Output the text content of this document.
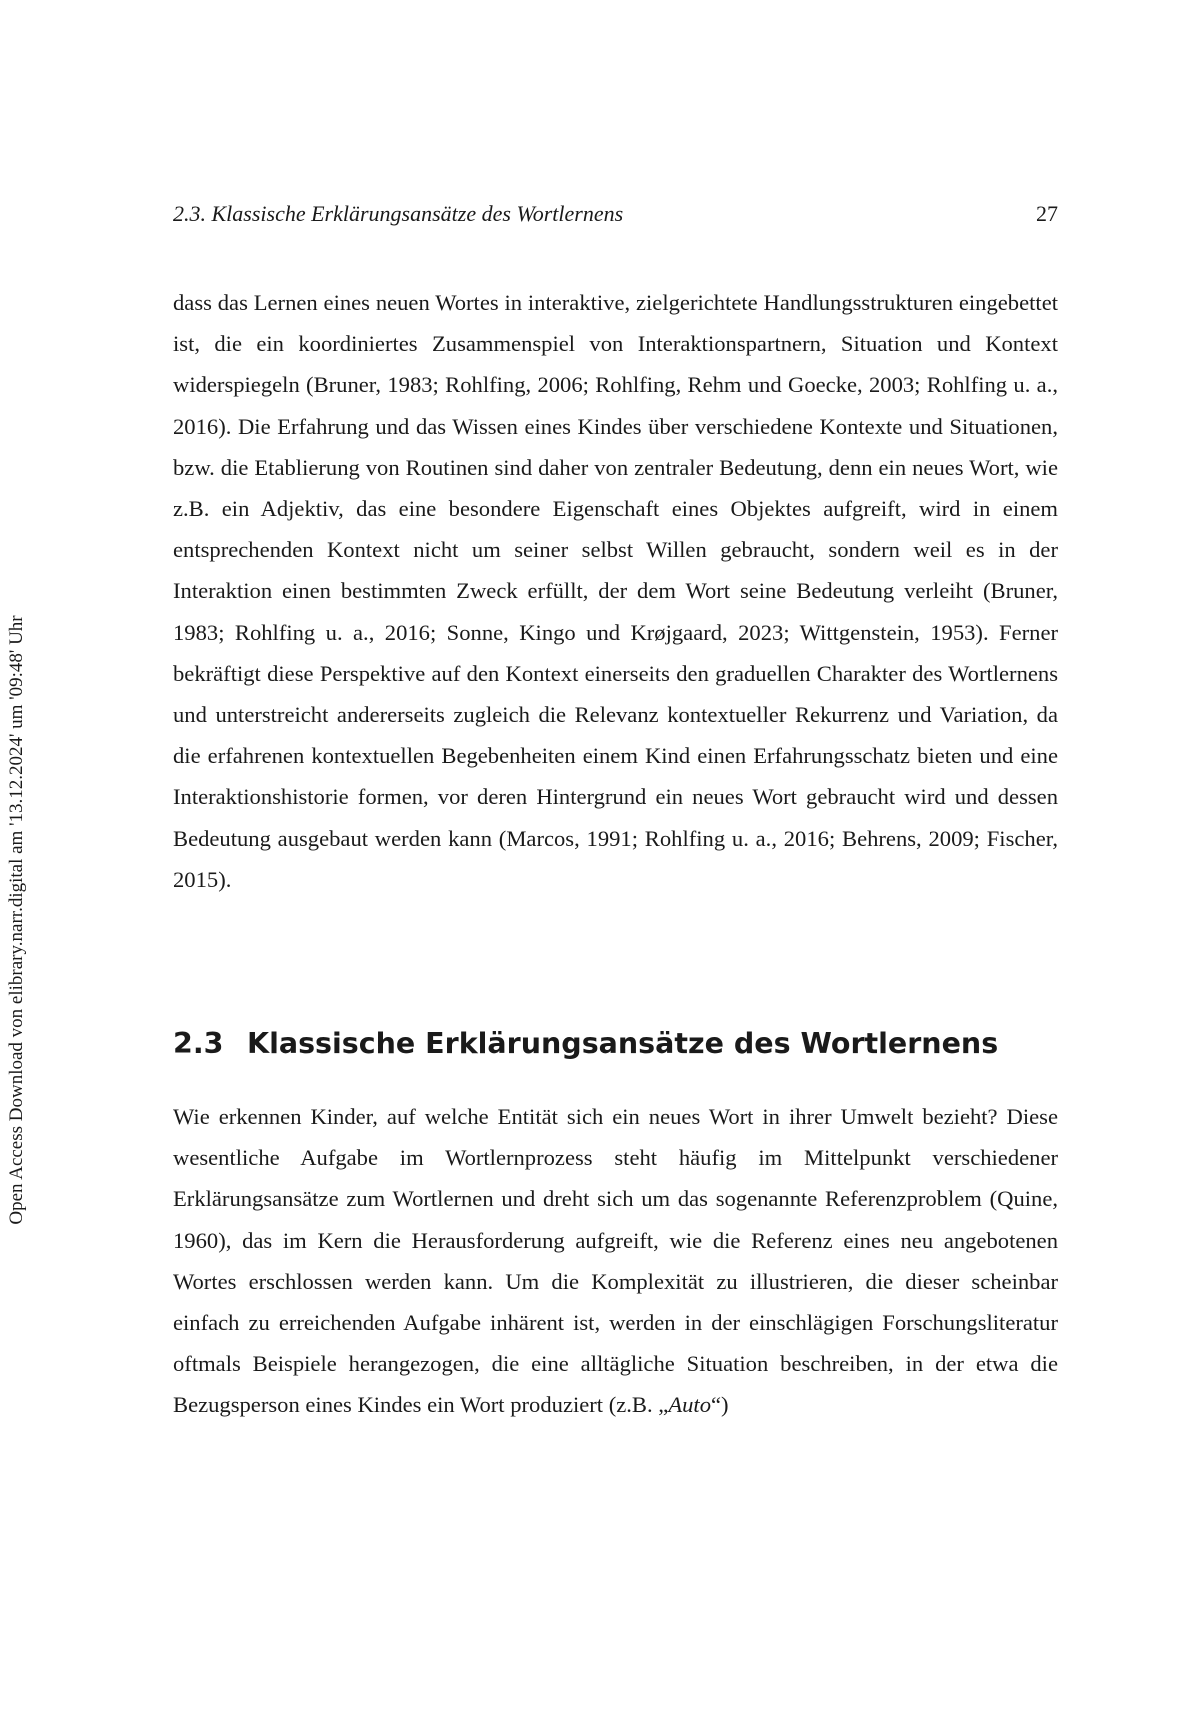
2.3. Klassische Erklärungsansätze des Wortlernens	27
Open Access Download von elibrary.narr.digital am '13.12.2024' um '09:48' Uhr

dass das Lernen eines neuen Wortes in interaktive, zielgerichtete Handlungsstrukturen eingebettet ist, die ein koordiniertes Zusammenspiel von Interaktionspartnern, Situation und Kontext widerspiegeln (Bruner, 1983; Rohlfing, 2006; Rohlfing, Rehm und Goecke, 2003; Rohlfing u. a., 2016). Die Erfahrung und das Wissen eines Kindes über verschiedene Kontexte und Situationen, bzw. die Etablierung von Routinen sind daher von zentraler Bedeutung, denn ein neues Wort, wie z.B. ein Adjektiv, das eine besondere Eigenschaft eines Objektes aufgreift, wird in einem entsprechenden Kontext nicht um seiner selbst Willen gebraucht, sondern weil es in der Interaktion einen bestimmten Zweck erfüllt, der dem Wort seine Bedeutung verleiht (Bruner, 1983; Rohlfing u. a., 2016; Sonne, Kingo und Krøjgaard, 2023; Wittgenstein, 1953). Ferner bekräftigt diese Perspektive auf den Kontext einerseits den graduellen Charakter des Wortlernens und unterstreicht andererseits zugleich die Relevanz kontextueller Rekurrenz und Variation, da die erfahrenen kontextuellen Begebenheiten einem Kind einen Erfahrungsschatz bieten und eine Interaktionshistorie formen, vor deren Hintergrund ein neues Wort gebraucht wird und dessen Bedeutung ausgebaut werden kann (Marcos, 1991; Rohlfing u. a., 2016; Behrens, 2009; Fischer, 2015).

2.3 Klassische Erklärungsansätze des Wortlernens

Wie erkennen Kinder, auf welche Entität sich ein neues Wort in ihrer Umwelt bezieht? Diese wesentliche Aufgabe im Wortlernprozess steht häufig im Mittelpunkt verschiedener Erklärungsansätze zum Wortlernen und dreht sich um das sogenannte Referenzproblem (Quine, 1960), das im Kern die Herausforderung aufgreift, wie die Referenz eines neu angebotenen Wortes erschlossen werden kann. Um die Komplexität zu illustrieren, die dieser scheinbar einfach zu erreichenden Aufgabe inhärent ist, werden in der einschlägigen Forschungsliteratur oftmals Beispiele herangezogen, die eine alltägliche Situation beschreiben, in der etwa die Bezugsperson eines Kindes ein Wort produziert (z.B. „Auto“)
